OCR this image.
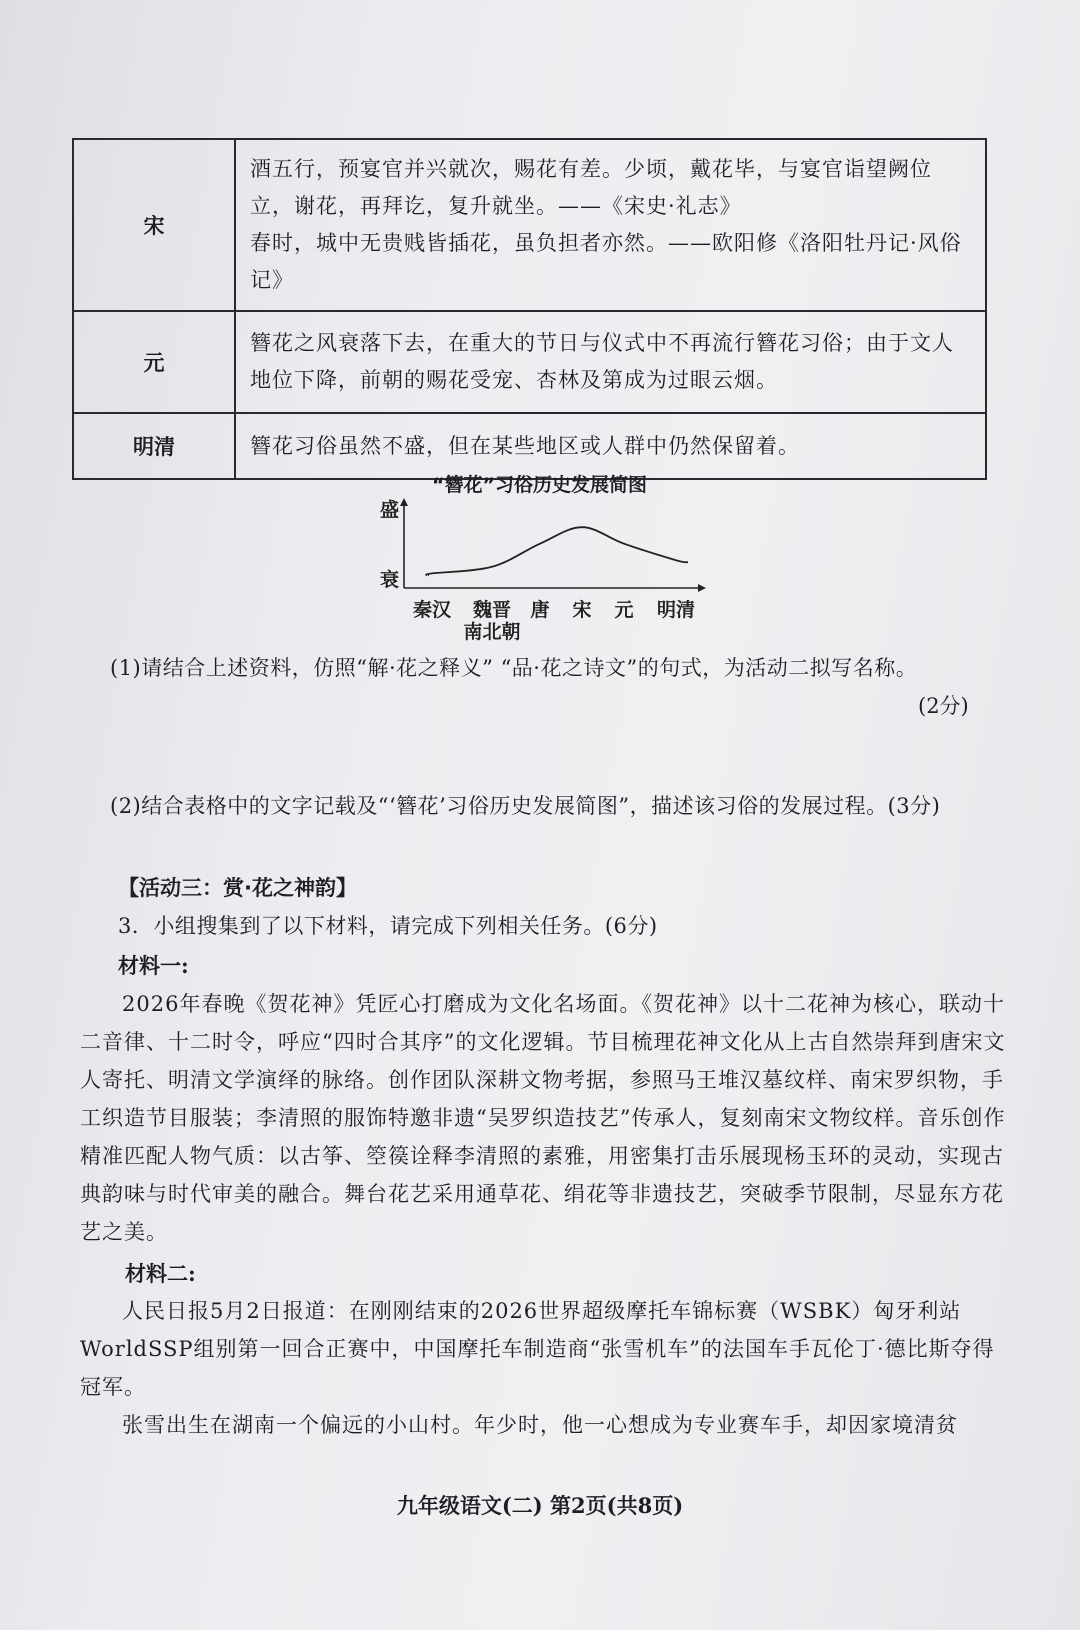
宋	酒五行，预宴官并兴就次，赐花有差。少顷，戴花毕，与宴官诣望阙位立，谢花，再拜讫，复升就坐。——《宋史·礼志》

春时，城中无贵贱皆插花，虽负担者亦然。——欧阳修《洛阳牡丹记·风俗记》

元	簪花之风衰落下去，在重大的节日与仪式中不再流行簪花习俗；由于文人地位下降，前朝的赐花受宠、杏林及第成为过眼云烟。

明清	簪花习俗虽然不盛，但在某些地区或人群中仍然保留着。

“簪花”习俗历史发展简图
盛
衰
秦汉 魏晋
南北朝
唐 宋 元 明清
(1)请结合上述资料，仿照“解·花之释义” “品·花之诗文”的句式，为活动二拟写名称。
(2分)
(2)结合表格中的文字记载及“‘簪花’习俗历史发展简图”，描述该习俗的发展过程。(3分)
【活动三：赏·花之神韵】
3．小组搜集到了以下材料，请完成下列相关任务。(6分)
材料一:

2026年春晚《贺花神》凭匠心打磨成为文化名场面。《贺花神》以十二花神为核心，联动十二音律、十二时令，呼应“四时合其序”的文化逻辑。节目梳理花神文化从上古自然崇拜到唐宋文人寄托、明清文学演绎的脉络。创作团队深耕文物考据，参照马王堆汉墓纹样、南宋罗织物，手工织造节目服装；李清照的服饰特邀非遗“吴罗织造技艺”传承人，复刻南宋文物纹样。音乐创作精准匹配人物气质：以古筝、箜篌诠释李清照的素雅，用密集打击乐展现杨玉环的灵动，实现古典韵味与时代审美的融合。舞台花艺采用通草花、绢花等非遗技艺，突破季节限制，尽显东方花艺之美。

材料二:

人民日报5月2日报道：在刚刚结束的2026世界超级摩托车锦标赛（WSBK）匈牙利站WorldSSP组别第一回合正赛中，中国摩托车制造商“张雪机车”的法国车手瓦伦丁·德比斯夺得冠军。

张雪出生在湖南一个偏远的小山村。年少时，他一心想成为专业赛车手，却因家境清贫

九年级语文(二) 第2页(共8页)
